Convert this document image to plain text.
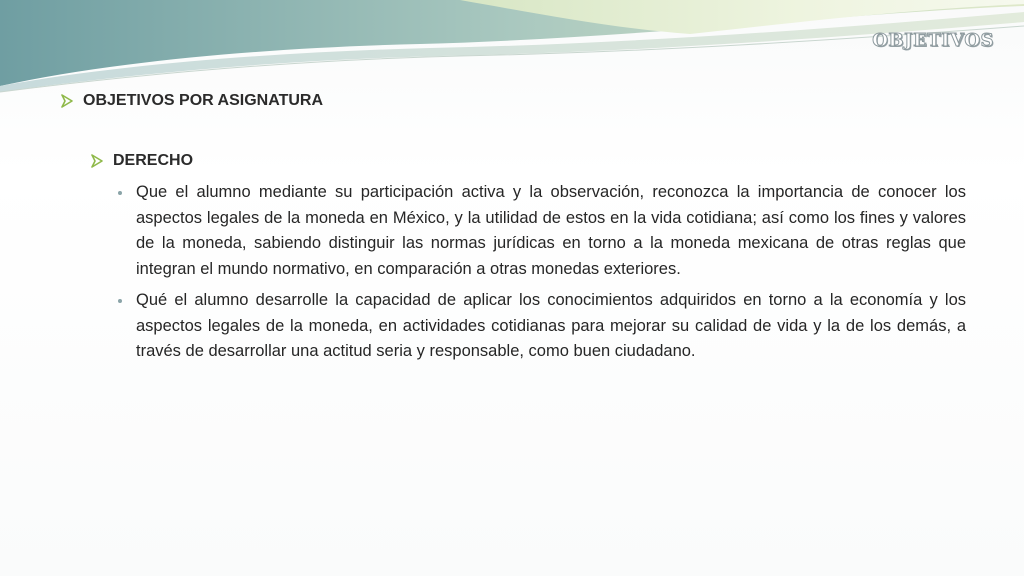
OBJETIVOS
OBJETIVOS POR ASIGNATURA
DERECHO
Que el alumno mediante su participación activa y la observación, reconozca la importancia de conocer los aspectos legales de la moneda en México, y la utilidad de estos en la vida cotidiana; así como los fines y valores de la moneda, sabiendo distinguir las normas jurídicas en torno a la moneda mexicana de otras reglas que integran el mundo normativo, en comparación a otras monedas exteriores.
Qué el alumno desarrolle la capacidad de aplicar los conocimientos adquiridos en torno a la economía y los aspectos legales de la moneda, en actividades cotidianas para mejorar su calidad de vida y la de los demás, a través de desarrollar una actitud seria y responsable, como buen ciudadano.
